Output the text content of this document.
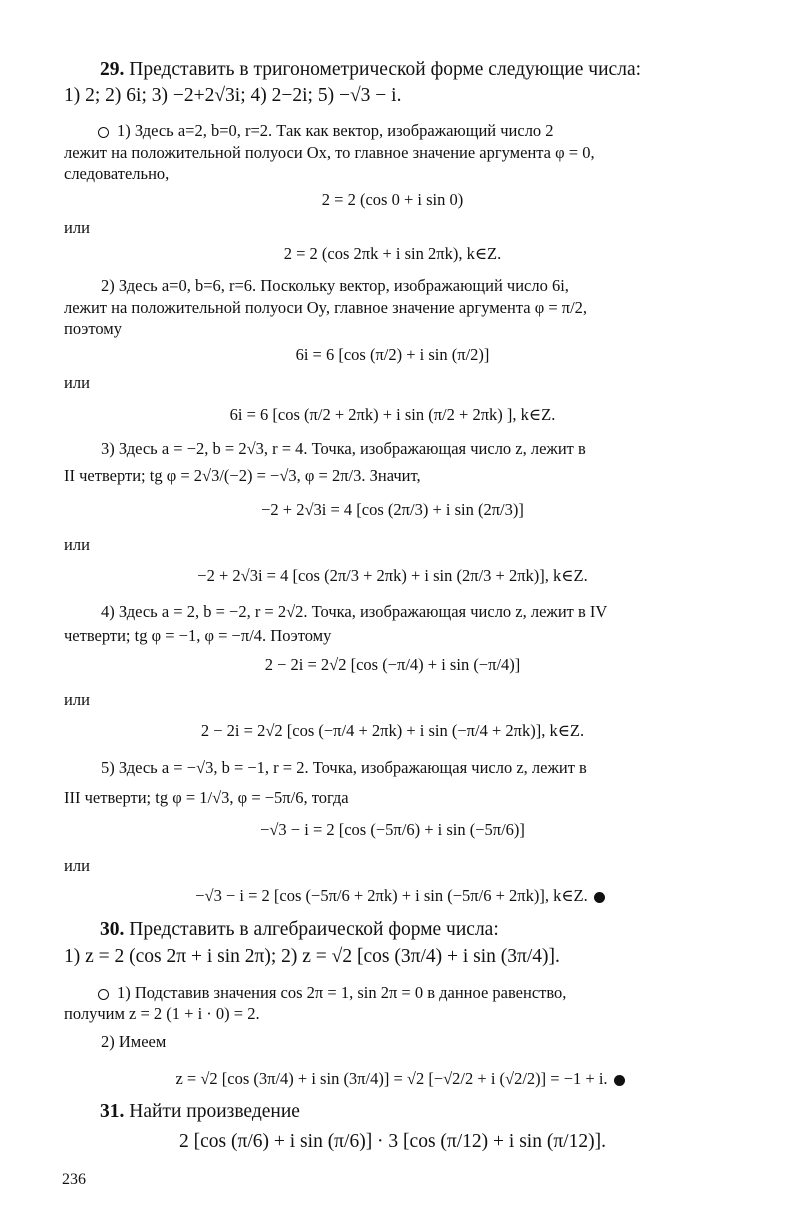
29. Представить в тригонометрической форме следующие числа:
1) 2; 2) 6i; 3) −2+2√3i; 4) 2−2i; 5) −√3 − i.
1) Здесь a=2, b=0, r=2. Так как вектор, изображающий число 2
лежит на положительной полуоси Ox, то главное значение аргумента φ = 0,
следовательно,
2 = 2 (cos 0 + i sin 0)
или
2 = 2 (cos 2πk + i sin 2πk), k∈Z.
2) Здесь a=0, b=6, r=6. Поскольку вектор, изображающий число 6i,
лежит на положительной полуоси Oy, главное значение аргумента φ = π/2,
поэтому
6i = 6 [cos (π/2) + i sin (π/2)]
или
6i = 6 [cos (π/2 + 2πk) + i sin (π/2 + 2πk) ], k∈Z.
3) Здесь a = −2, b = 2√3, r = 4. Точка, изображающая число z, лежит в
II четверти; tg φ = 2√3/(−2) = −√3, φ = 2π/3. Значит,
−2 + 2√3i = 4 [cos (2π/3) + i sin (2π/3)]
или
−2 + 2√3i = 4 [cos (2π/3 + 2πk) + i sin (2π/3 + 2πk)], k∈Z.
4) Здесь a = 2, b = −2, r = 2√2. Точка, изображающая число z, лежит в IV
четверти; tg φ = −1, φ = −π/4. Поэтому
2 − 2i = 2√2 [cos (−π/4) + i sin (−π/4)]
или
2 − 2i = 2√2 [cos (−π/4 + 2πk) + i sin (−π/4 + 2πk)], k∈Z.
5) Здесь a = −√3, b = −1, r = 2. Точка, изображающая число z, лежит в
III четверти; tg φ = 1/√3, φ = −5π/6, тогда
−√3 − i = 2 [cos (−5π/6) + i sin (−5π/6)]
или
−√3 − i = 2 [cos (−5π/6 + 2πk) + i sin (−5π/6 + 2πk)], k∈Z.
30. Представить в алгебраической форме числа:
1) z = 2 (cos 2π + i sin 2π); 2) z = √2 [cos (3π/4) + i sin (3π/4)].
1) Подставив значения cos 2π = 1, sin 2π = 0 в данное равенство,
получим z = 2 (1 + i · 0) = 2.
2) Имеем
z = √2 [cos (3π/4) + i sin (3π/4)] = √2 [−√2/2 + i (√2/2)] = −1 + i.
31. Найти произведение
2 [cos (π/6) + i sin (π/6)] · 3 [cos (π/12) + i sin (π/12)].
236
